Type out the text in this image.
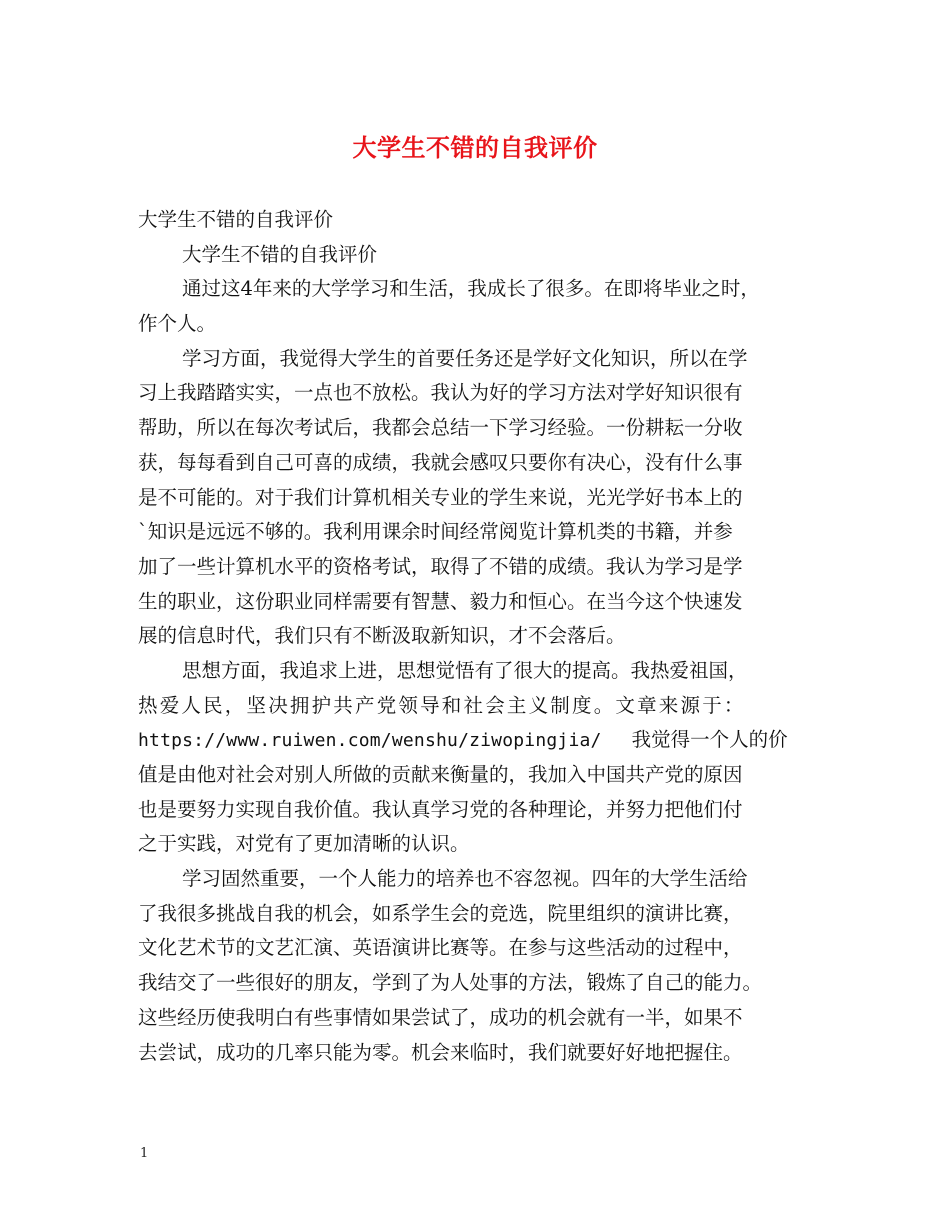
大学生不错的自我评价
大学生不错的自我评价
大学生不错的自我评价
通过这4年来的大学学习和生活，我成长了很多。在即将毕业之时，
作个人。
学习方面，我觉得大学生的首要任务还是学好文化知识，所以在学
习上我踏踏实实，一点也不放松。我认为好的学习方法对学好知识很有
帮助，所以在每次考试后，我都会总结一下学习经验。一份耕耘一分收
获，每每看到自己可喜的成绩，我就会感叹只要你有决心，没有什么事
是不可能的。对于我们计算机相关专业的学生来说，光光学好书本上的
`知识是远远不够的。我利用课余时间经常阅览计算机类的书籍，并参
加了一些计算机水平的资格考试，取得了不错的成绩。我认为学习是学
生的职业，这份职业同样需要有智慧、毅力和恒心。在当今这个快速发
展的信息时代，我们只有不断汲取新知识，才不会落后。
思想方面，我追求上进，思想觉悟有了很大的提高。我热爱祖国，
热爱人民，坚决拥护共产党领导和社会主义制度。文章来源于：
https://www.ruiwen.com/wenshu/ziwopingjia/ 我觉得一个人的价
值是由他对社会对别人所做的贡献来衡量的，我加入中国共产党的原因
也是要努力实现自我价值。我认真学习党的各种理论，并努力把他们付
之于实践，对党有了更加清晰的认识。
学习固然重要，一个人能力的培养也不容忽视。四年的大学生活给
了我很多挑战自我的机会，如系学生会的竞选，院里组织的演讲比赛，
文化艺术节的文艺汇演、英语演讲比赛等。在参与这些活动的过程中，
我结交了一些很好的朋友，学到了为人处事的方法，锻炼了自己的能力。
这些经历使我明白有些事情如果尝试了，成功的机会就有一半，如果不
去尝试，成功的几率只能为零。机会来临时，我们就要好好地把握住。
1
